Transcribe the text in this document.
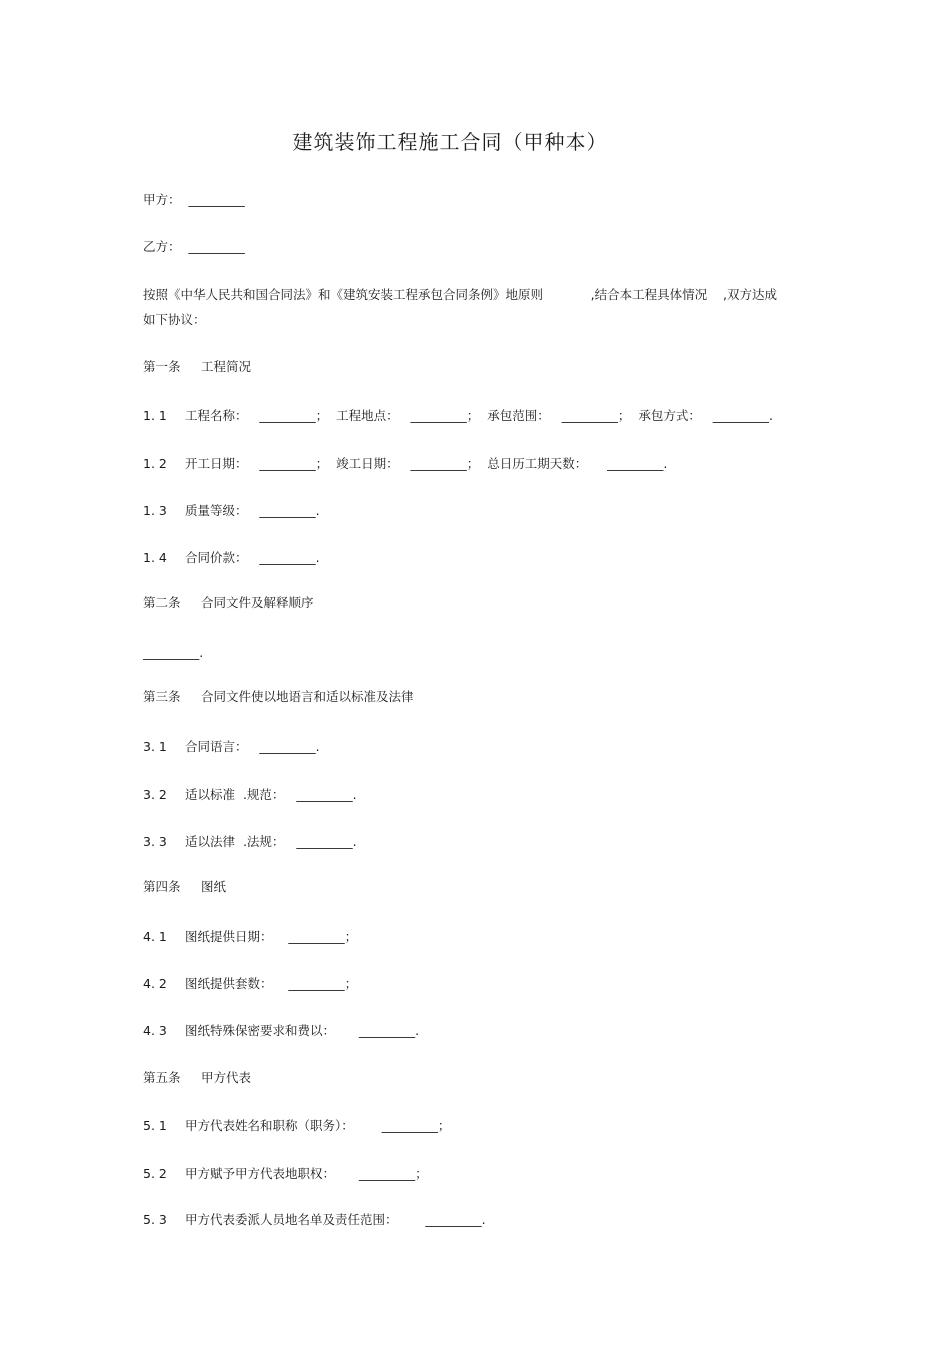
建筑装饰工程施工合同（甲种本）
甲方：  _________
乙方：  _________
按照《中华人民共和国合同法》和《建筑安装工程承包合同条例》地原则            ,结合本工程具体情况    ,双方达成
如下协议：
第一条 工程简况
1. 1 工程名称：   _________；  工程地点：   _________；  承包范围：   _________；  承包方式：   _________.
1. 2 开工日期：   _________；  竣工日期：   _________；  总日历工期天数：     _________.
1. 3 质量等级：   _________.
1. 4 合同价款：   _________.
第二条 合同文件及解释顺序
_________.
第三条 合同文件使以地语言和适以标准及法律
3. 1 合同语言：   _________.
3. 2 适以标准  .规范：   _________.
3. 3 适以法律  .法规：   _________.
第四条 图纸
4. 1 图纸提供日期：    _________；
4. 2 图纸提供套数：    _________；
4. 3 图纸特殊保密要求和费以：      _________.
第五条 甲方代表
5. 1 甲方代表姓名和职称（职务）：       _________；
5. 2 甲方赋予甲方代表地职权：      _________；
5. 3 甲方代表委派人员地名单及责任范围：       _________.
